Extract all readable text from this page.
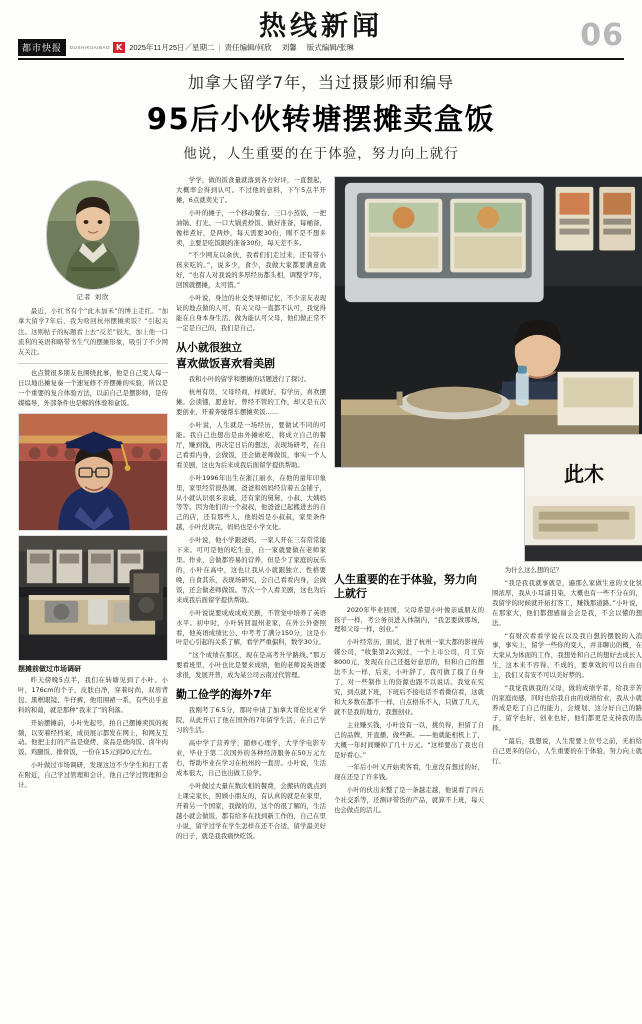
热线新闻	06
都市快报	DUSHIKUAIBAO K 2025年11月25日／星期二 | 责任编辑/何欣
刘馨
版式编辑/张琳
加拿大留学7年，当过摄影师和编导
95后小伙转塘摆摊卖盒饭
他说，人生重要的在于体验，努力向上就行
记者 刘欣
最近，小红书有个“此木加禾”的博主走红。“加拿大留学7年后，我为啥回杭州摆摊卖饭？”引起关注。这则帖子的标题看上去“反差”很大，加上他一口流利的英语和略带书生气的摆摊形象，吸引了不少网友关注。

也点赞很多朋友也围绕此事，他是自己变人每一日以地出摊复奏一个速复修不开摆摊的实验，所以是一个重要的复合体验方法，以前自己是摆影师，是传媒编导，外部条件也是解的体验和盒饭。

摆摊前做过市场调研

昨天傍晚5点半，我们在转塘见到了小叶。小叶，176cm的个子，皮肤白净，穿着时尚，双肩背包、黑框眼镜、牛仔裤，他用围裙一系，有些出乎意料的和蔼，就是那种“我来了”的利落。

开始摆摊前，小叶先起号，拍自己摆摊卖饭的视频，以安着经档案，成员展示都发在网上，和网友互动。他把主打的产品是烧烤，菜品是烧肉饭、卤牛肉饭、鸡腿饭、排骨饭，一份在15元到20元左右。

小叶做过市场调研，发现这边不少学生和打工者在附近，自己学过管理和会计，他自己学过管理和会计。

学学，做的饭食量就落到各方好评，一直想起，大概率会得到认可。不过他的意料，下午5点半开摊，6点就卖光了。

小叶的摊子，一个移动餐台、三口小蒸饭，一把油锅、打光、一口大锅煮炒饭、做好准备，每桶备，像样煮好，是两炒，每天需要30份，刚不是不想多卖，主要是吃饭限约准备30份，每天差不多。

“不少网友以余伙，我看们们走过来，还有带小孩来吃的。”，说多少，食少，我做大家都要满意就好，“也有人对我说的多厚经历都头相，调整学7年，回国就摆摊，太可惜。”

小叶说，身边的社交类导师记忆，不少亲友表现证的地点做的人可，有关父母一直都不认可，我觉得能在自身本身生活，做为能认可父母，他们做正常不一定是自己的，我们是自己。

从小就很独立
喜欢做饭喜欢看美剧

我和小叶的留学和摆摊的话题进行了探讨。

杭州有房，父母经商，样就好，有学历，喜欢摆摊。会读懂，愿意好，曾经不管的工作，却又是五次要创业，开着奔驰帮车摆摊卖饭……

小叶说，人生就是一场经历，要做试不同的可能。我自己也想出是由外摊索吃，将成立自己的餐厅，赚到钱，再决定日后的想法，表现场研考，在自己看看内身，会做饭，还会做老师做饭，事实一个人看美剧，这也为后来成我后面留学提供帮助。

小叶1996年出生在浙江丽水，在他的童年印象里，家里经常很热闹，爸爸和妈妈经营着五金铺子，从小就认识很多亲戚，还有家的舅舅、小叔、大姨妈等等。因为他们的一个叔叔，他爸爸已起搬进去的自己的店，还有那些人，他妈妈是小叔叔，家里条件越，小叶没读完，妈妈也是小学文化。

小叶说，他小学跟爸妈、一家人开在三有常常能下来。可可是他的吃生意，自一家就要做在老师家里。作业、会做都容易的营养，但是少了家庭的玩乐的，小叶在高中，这也让我从小就跟独立、性格要晚，自食其乐，表现场研究，会自己看看内身，会做饭，还会做老师做饭。等次一个人看美剧，这也为后来成我后面留学提供帮助。

小叶说说要成成成成美剧，不管觉中培养了英语水平。初中时，小叶转回温州老家，在外公外婆照看，他英语成绩比公、中考考了满分150分，这是小叶是心引起的关系了解，看学严重偏科，数学30分。

“这个成绩在那区，现在是高考升学路线。”那万要看班里，小叶也比是要来成绩，他的老师说英语要求很，发展开普，成为某公司云南过代管理。

勤工俭学的海外7年

我刚考了6.5分，那时申请了加拿大哥伦比亚学院，从此开启了他在国外的7年留学生活，在自己学习的生活。

高中学了营养学，随修心理学，大学学电影专业，毕业于第二次国外的各种经济服务在50万元左右，帮助毕业在学习在杭州的一套房。小叶说，生活成本很大，自己也出做工俭学。

小叶做过大量在数次相的餐费，会搬砖的就点到上课完家长，照顾小朋友的，有认真的就是在家里，开着另一个国家，我做的的，这个的很了解的，生活越小就会做饭，都有给多在找到新工作的，自己在里小说，留学过学在学生怎样在还不合适，留学最美好的日子，就是我我痛快吃饭。

此木
人生重要的在于体验，努力向上就行

2020年毕业回国，父母希望小叶像亲戚朋友的孩子一样，考公务员进入体制内，“我怎要做那场，理和父母一样，创业。”

小叶经常历，面试，进了杭州一家大都的影视传媒公司，“收集第2次到过，一个上市公司，月工资8000元，发现在自己还挺好意思的，但和自己的想法不太一样，后来，小叶辞了，我可做了摸了自身了，对一些制作上的资源也跟不以说话。我觉在究究，到点就下班，下班后不接电话不看微信看，这就和大多数在都不一样，自点格乐不入，只做了几天，就不是我的地方，我想创业。

主业赚买钱，小叶没有一以，挑负得，担留了自己的品牌，开直播，做些新。——他就能相机上了，大概一年时间赚掉了几十万元。“这样要出了我也自是好看心。”

一年后小叶又开始卖客看，生意没有想过的好，现在还是了许多钱。

小叶的伙出来整了是一条越走越，他说看了四五个社交系等，还测评带货的产品，就算不上班，每天也会做点的活儿。

为什么这么想的记？

“我是我我就事就是，遍那么家做生意的文化氛围浓厚，我从小耳濡目染，大概也有一些不分在的，我留学的时候就开拓打客工，赚钱那道路。”小叶说，在那家大，他们都想感谢会会是我，不会以懂的想法。

“有财次看看学说在以及我自想的摆脱的入消事，事实上，留学一些你的变人，并非聊出的概，在大家从为体面的工作，我想处和自己的想好去成长人生，这本来不容得、不成的，要拿效的可以自由自主，我们又有安不可以美好梦的。

“我觉我做我的父母，做的成绩学者，给我辛苦的家庭而感，同时也给我自由的成绩给业，我从小就养成是吃了自己的能力，会规划、这分好自己的路子，留学也好，创业也好，他们都更是支持我的选择。

“最后，我想说，人生需要上位号之前，无拍给自己更多的信心，人生重要的在于体验，努力向上就行。
